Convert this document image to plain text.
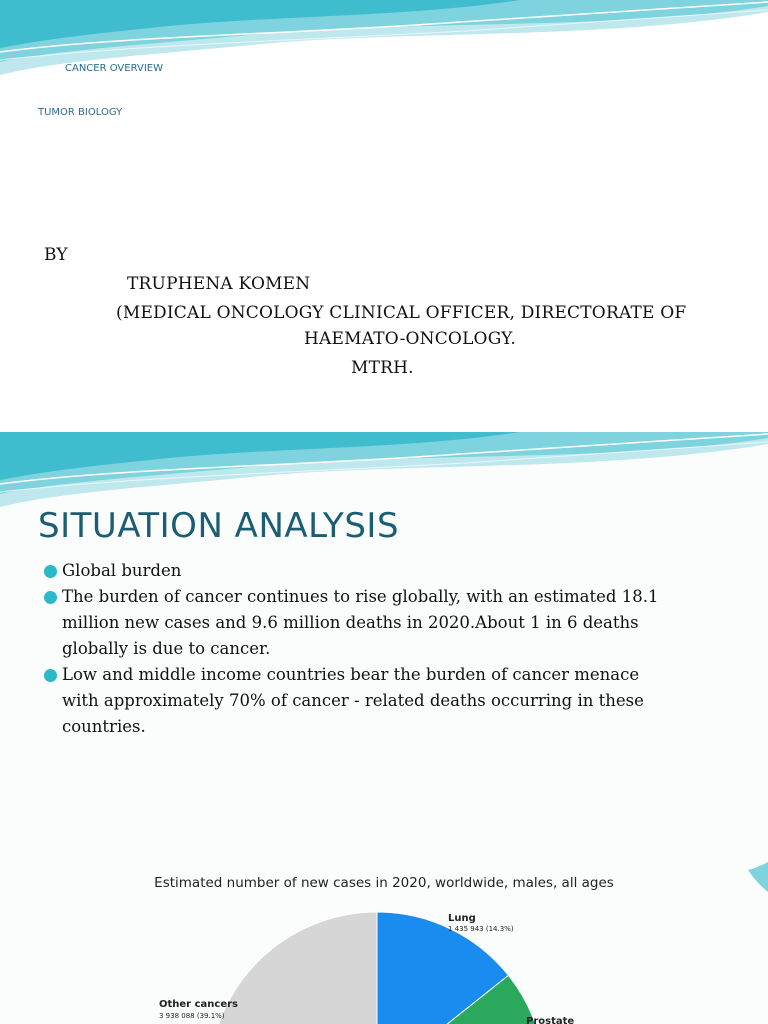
CANCER OVERVIEW
TUMOR BIOLOGY
BY
TRUPHENA KOMEN
(MEDICAL ONCOLOGY CLINICAL OFFICER, DIRECTORATE OF
HAEMATO-ONCOLOGY.
MTRH.
SITUATION ANALYSIS
Global burden
The burden of cancer continues to rise globally, with an estimated 18.1
million new cases and 9.6 million deaths in 2020.About 1 in 6 deaths
globally is due to cancer.
Low and middle income countries bear the burden of cancer menace
with approximately 70% of cancer - related deaths occurring in these
countries.
Estimated number of new cases in 2020, worldwide, males, all ages
Lung
1 435 943 (14.3%)
Prostate
Other cancers
3 938 088 (39.1%)
